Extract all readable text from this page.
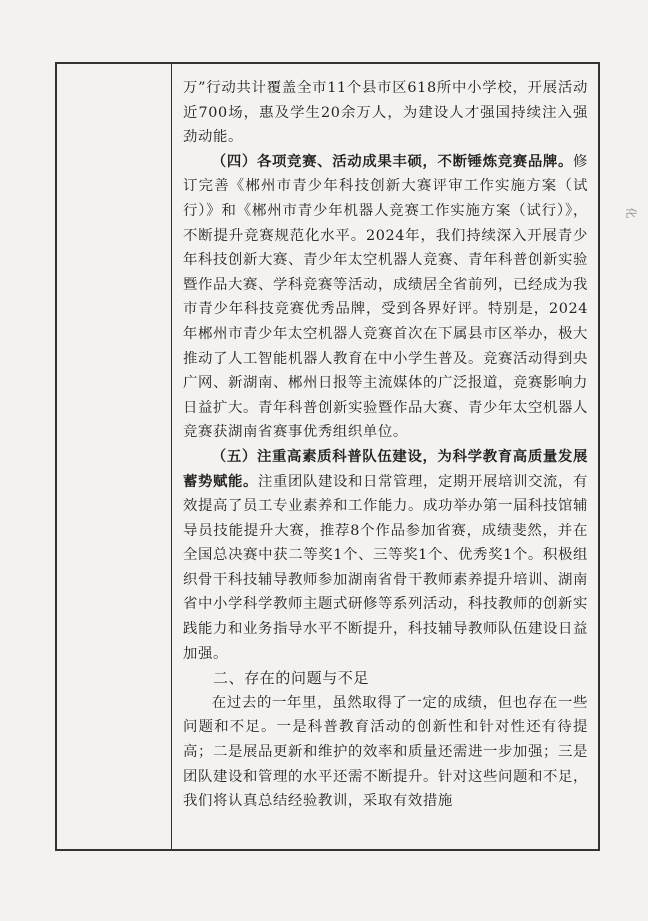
万”行动共计覆盖全市11个县市区618所中小学校，开展活动近700场，惠及学生20余万人，为建设人才强国持续注入强劲动能。

（四）各项竞赛、活动成果丰硕，不断锤炼竞赛品牌。修订完善《郴州市青少年科技创新大赛评审工作实施方案（试行）》和《郴州市青少年机器人竞赛工作实施方案（试行）》，不断提升竞赛规范化水平。2024年，我们持续深入开展青少年科技创新大赛、青少年太空机器人竞赛、青年科普创新实验暨作品大赛、学科竞赛等活动，成绩居全省前列，已经成为我市青少年科技竞赛优秀品牌，受到各界好评。特别是，2024年郴州市青少年太空机器人竞赛首次在下属县市区举办，极大推动了人工智能机器人教育在中小学生普及。竞赛活动得到央广网、新湖南、郴州日报等主流媒体的广泛报道，竞赛影响力日益扩大。青年科普创新实验暨作品大赛、青少年太空机器人竞赛获湖南省赛事优秀组织单位。

（五）注重高素质科普队伍建设，为科学教育高质量发展蓄势赋能。注重团队建设和日常管理，定期开展培训交流，有效提高了员工专业素养和工作能力。成功举办第一届科技馆辅导员技能提升大赛，推荐8个作品参加省赛，成绩斐然，并在全国总决赛中获二等奖1个、三等奖1个、优秀奖1个。积极组织骨干科技辅导教师参加湖南省骨干教师素养提升培训、湖南省中小学科学教师主题式研修等系列活动，科技教师的创新实践能力和业务指导水平不断提升，科技辅导教师队伍建设日益加强。

二、存在的问题与不足

在过去的一年里，虽然取得了一定的成绩，但也存在一些问题和不足。一是科普教育活动的创新性和针对性还有待提高；二是展品更新和维护的效率和质量还需进一步加强；三是团队建设和管理的水平还需不断提升。针对这些问题和不足，我们将认真总结经验教训，采取有效措施

化
